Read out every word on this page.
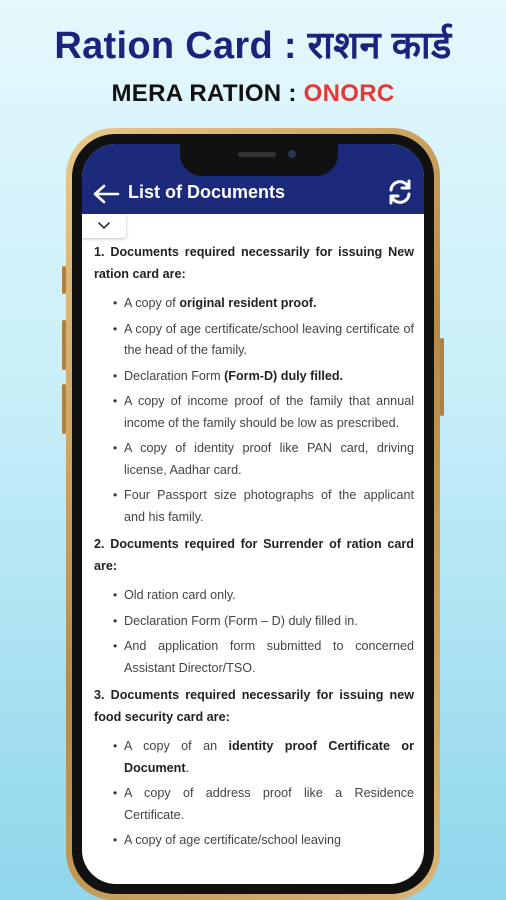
Ration Card : राशन कार्ड
MERA RATION : ONORC
List of Documents
1. Documents required necessarily for issuing New ration card are:
• A copy of original resident proof.
• A copy of age certificate/school leaving certificate of the head of the family.
• Declaration Form (Form-D) duly filled.
• A copy of income proof of the family that annual income of the family should be low as prescribed.
• A copy of identity proof like PAN card, driving license, Aadhar card.
• Four Passport size photographs of the applicant and his family.
2. Documents required for Surrender of ration card are:
• Old ration card only.
• Declaration Form (Form – D) duly filled in.
• And application form submitted to concerned Assistant Director/TSO.
3. Documents required necessarily for issuing new food security card are:
• A copy of an identity proof Certificate or Document.
• A copy of address proof like a Residence Certificate.
• A copy of age certificate/school leaving
